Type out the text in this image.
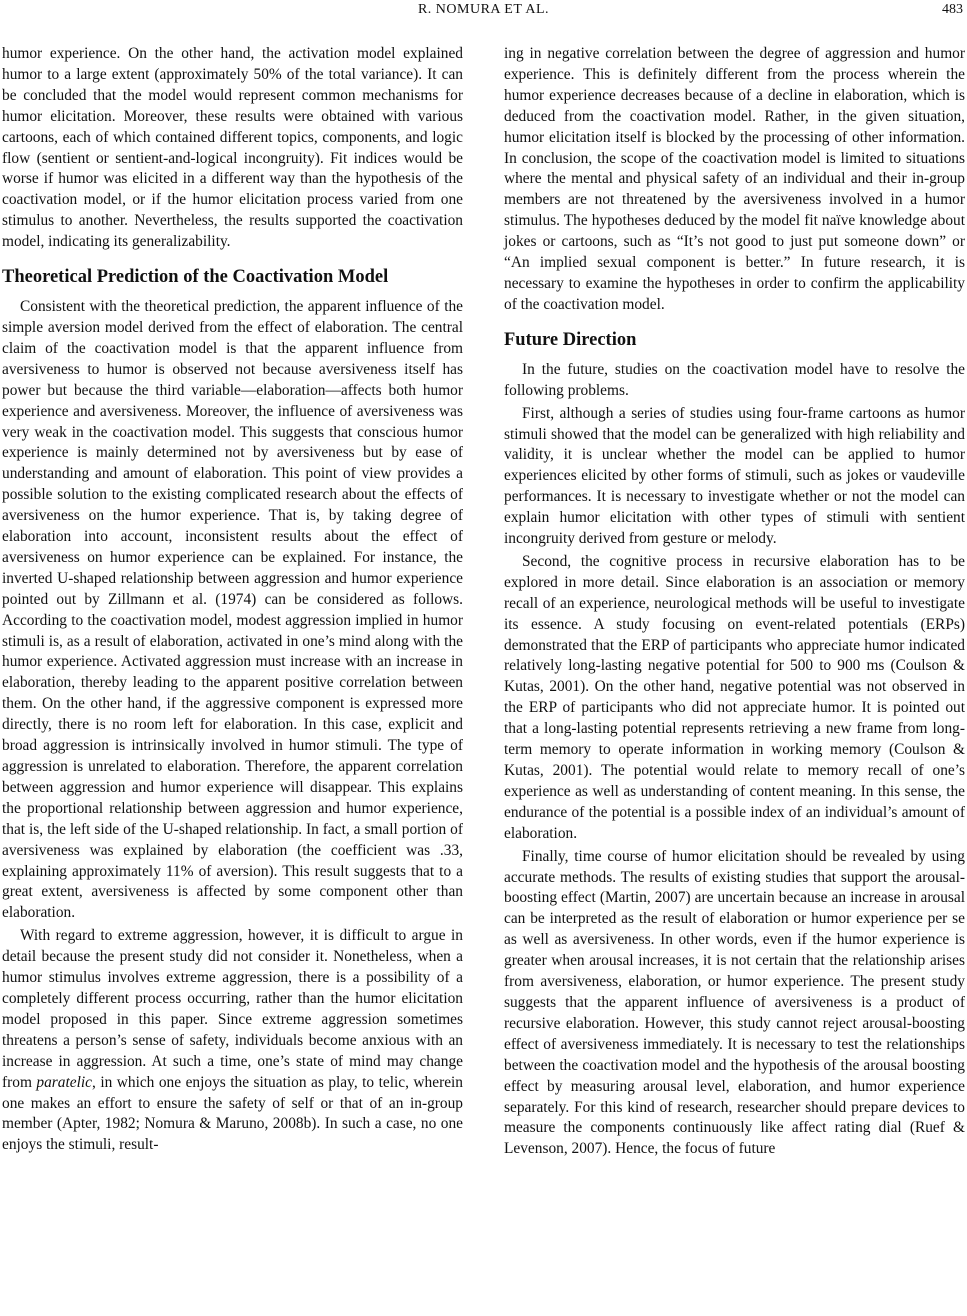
R. NOMURA ET AL.	483

humor experience. On the other hand, the activation model explained humor to a large extent (approximately 50% of the total variance). It can be concluded that the model would represent common mechanisms for humor elicitation. Moreover, these results were obtained with various cartoons, each of which contained different topics, components, and logic flow (sentient or sentient-and-logical incongruity). Fit indices would be worse if humor was elicited in a different way than the hypothesis of the coactivation model, or if the humor elicitation process varied from one stimulus to another. Nevertheless, the results supported the coactivation model, indicating its generalizability.

Theoretical Prediction of the Coactivation Model

Consistent with the theoretical prediction, the apparent influence of the simple aversion model derived from the effect of elaboration. The central claim of the coactivation model is that the apparent influence from aversiveness to humor is observed not because aversiveness itself has power but because the third variable—elaboration—affects both humor experience and aversiveness. Moreover, the influence of aversiveness was very weak in the coactivation model. This suggests that conscious humor experience is mainly determined not by aversiveness but by ease of understanding and amount of elaboration. This point of view provides a possible solution to the existing complicated research about the effects of aversiveness on the humor experience. That is, by taking degree of elaboration into account, inconsistent results about the effect of aversiveness on humor experience can be explained. For instance, the inverted U-shaped relationship between aggression and humor experience pointed out by Zillmann et al. (1974) can be considered as follows. According to the coactivation model, modest aggression implied in humor stimuli is, as a result of elaboration, activated in one’s mind along with the humor experience. Activated aggression must increase with an increase in elaboration, thereby leading to the apparent positive correlation between them. On the other hand, if the aggressive component is expressed more directly, there is no room left for elaboration. In this case, explicit and broad aggression is intrinsically involved in humor stimuli. The type of aggression is unrelated to elaboration. Therefore, the apparent correlation between aggression and humor experience will disappear. This explains the proportional relationship between aggression and humor experience, that is, the left side of the U-shaped relationship. In fact, a small portion of aversiveness was explained by elaboration (the coefficient was .33, explaining approximately 11% of aversion). This result suggests that to a great extent, aversiveness is affected by some component other than elaboration.

With regard to extreme aggression, however, it is difficult to argue in detail because the present study did not consider it. Nonetheless, when a humor stimulus involves extreme aggression, there is a possibility of a completely different process occurring, rather than the humor elicitation model proposed in this paper. Since extreme aggression sometimes threatens a person’s sense of safety, individuals become anxious with an increase in aggression. At such a time, one’s state of mind may change from paratelic, in which one enjoys the situation as play, to telic, wherein one makes an effort to ensure the safety of self or that of an in-group member (Apter, 1982; Nomura & Maruno, 2008b). In such a case, no one enjoys the stimuli, result-

ing in negative correlation between the degree of aggression and humor experience. This is definitely different from the process wherein the humor experience decreases because of a decline in elaboration, which is deduced from the coactivation model. Rather, in the given situation, humor elicitation itself is blocked by the processing of other information. In conclusion, the scope of the coactivation model is limited to situations where the mental and physical safety of an individual and their in-group members are not threatened by the aversiveness involved in a humor stimulus. The hypotheses deduced by the model fit naïve knowledge about jokes or cartoons, such as “It’s not good to just put someone down” or “An implied sexual component is better.” In future research, it is necessary to examine the hypotheses in order to confirm the applicability of the coactivation model.

Future Direction

In the future, studies on the coactivation model have to resolve the following problems.

First, although a series of studies using four-frame cartoons as humor stimuli showed that the model can be generalized with high reliability and validity, it is unclear whether the model can be applied to humor experiences elicited by other forms of stimuli, such as jokes or vaudeville performances. It is necessary to investigate whether or not the model can explain humor elicitation with other types of stimuli with sentient incongruity derived from gesture or melody.

Second, the cognitive process in recursive elaboration has to be explored in more detail. Since elaboration is an association or memory recall of an experience, neurological methods will be useful to investigate its essence. A study focusing on event-related potentials (ERPs) demonstrated that the ERP of participants who appreciate humor indicated relatively long-lasting negative potential for 500 to 900 ms (Coulson & Kutas, 2001). On the other hand, negative potential was not observed in the ERP of participants who did not appreciate humor. It is pointed out that a long-lasting potential represents retrieving a new frame from long-term memory to operate information in working memory (Coulson & Kutas, 2001). The potential would relate to memory recall of one’s experience as well as understanding of content meaning. In this sense, the endurance of the potential is a possible index of an individual’s amount of elaboration.

Finally, time course of humor elicitation should be revealed by using accurate methods. The results of existing studies that support the arousal-boosting effect (Martin, 2007) are uncertain because an increase in arousal can be interpreted as the result of elaboration or humor experience per se as well as aversiveness. In other words, even if the humor experience is greater when arousal increases, it is not certain that the relationship arises from aversiveness, elaboration, or humor experience. The present study suggests that the apparent influence of aversiveness is a product of recursive elaboration. However, this study cannot reject arousal-boosting effect of aversiveness immediately. It is necessary to test the relationships between the coactivation model and the hypothesis of the arousal boosting effect by measuring arousal level, elaboration, and humor experience separately. For this kind of research, researcher should prepare devices to measure the components continuously like affect rating dial (Ruef & Levenson, 2007). Hence, the focus of future
